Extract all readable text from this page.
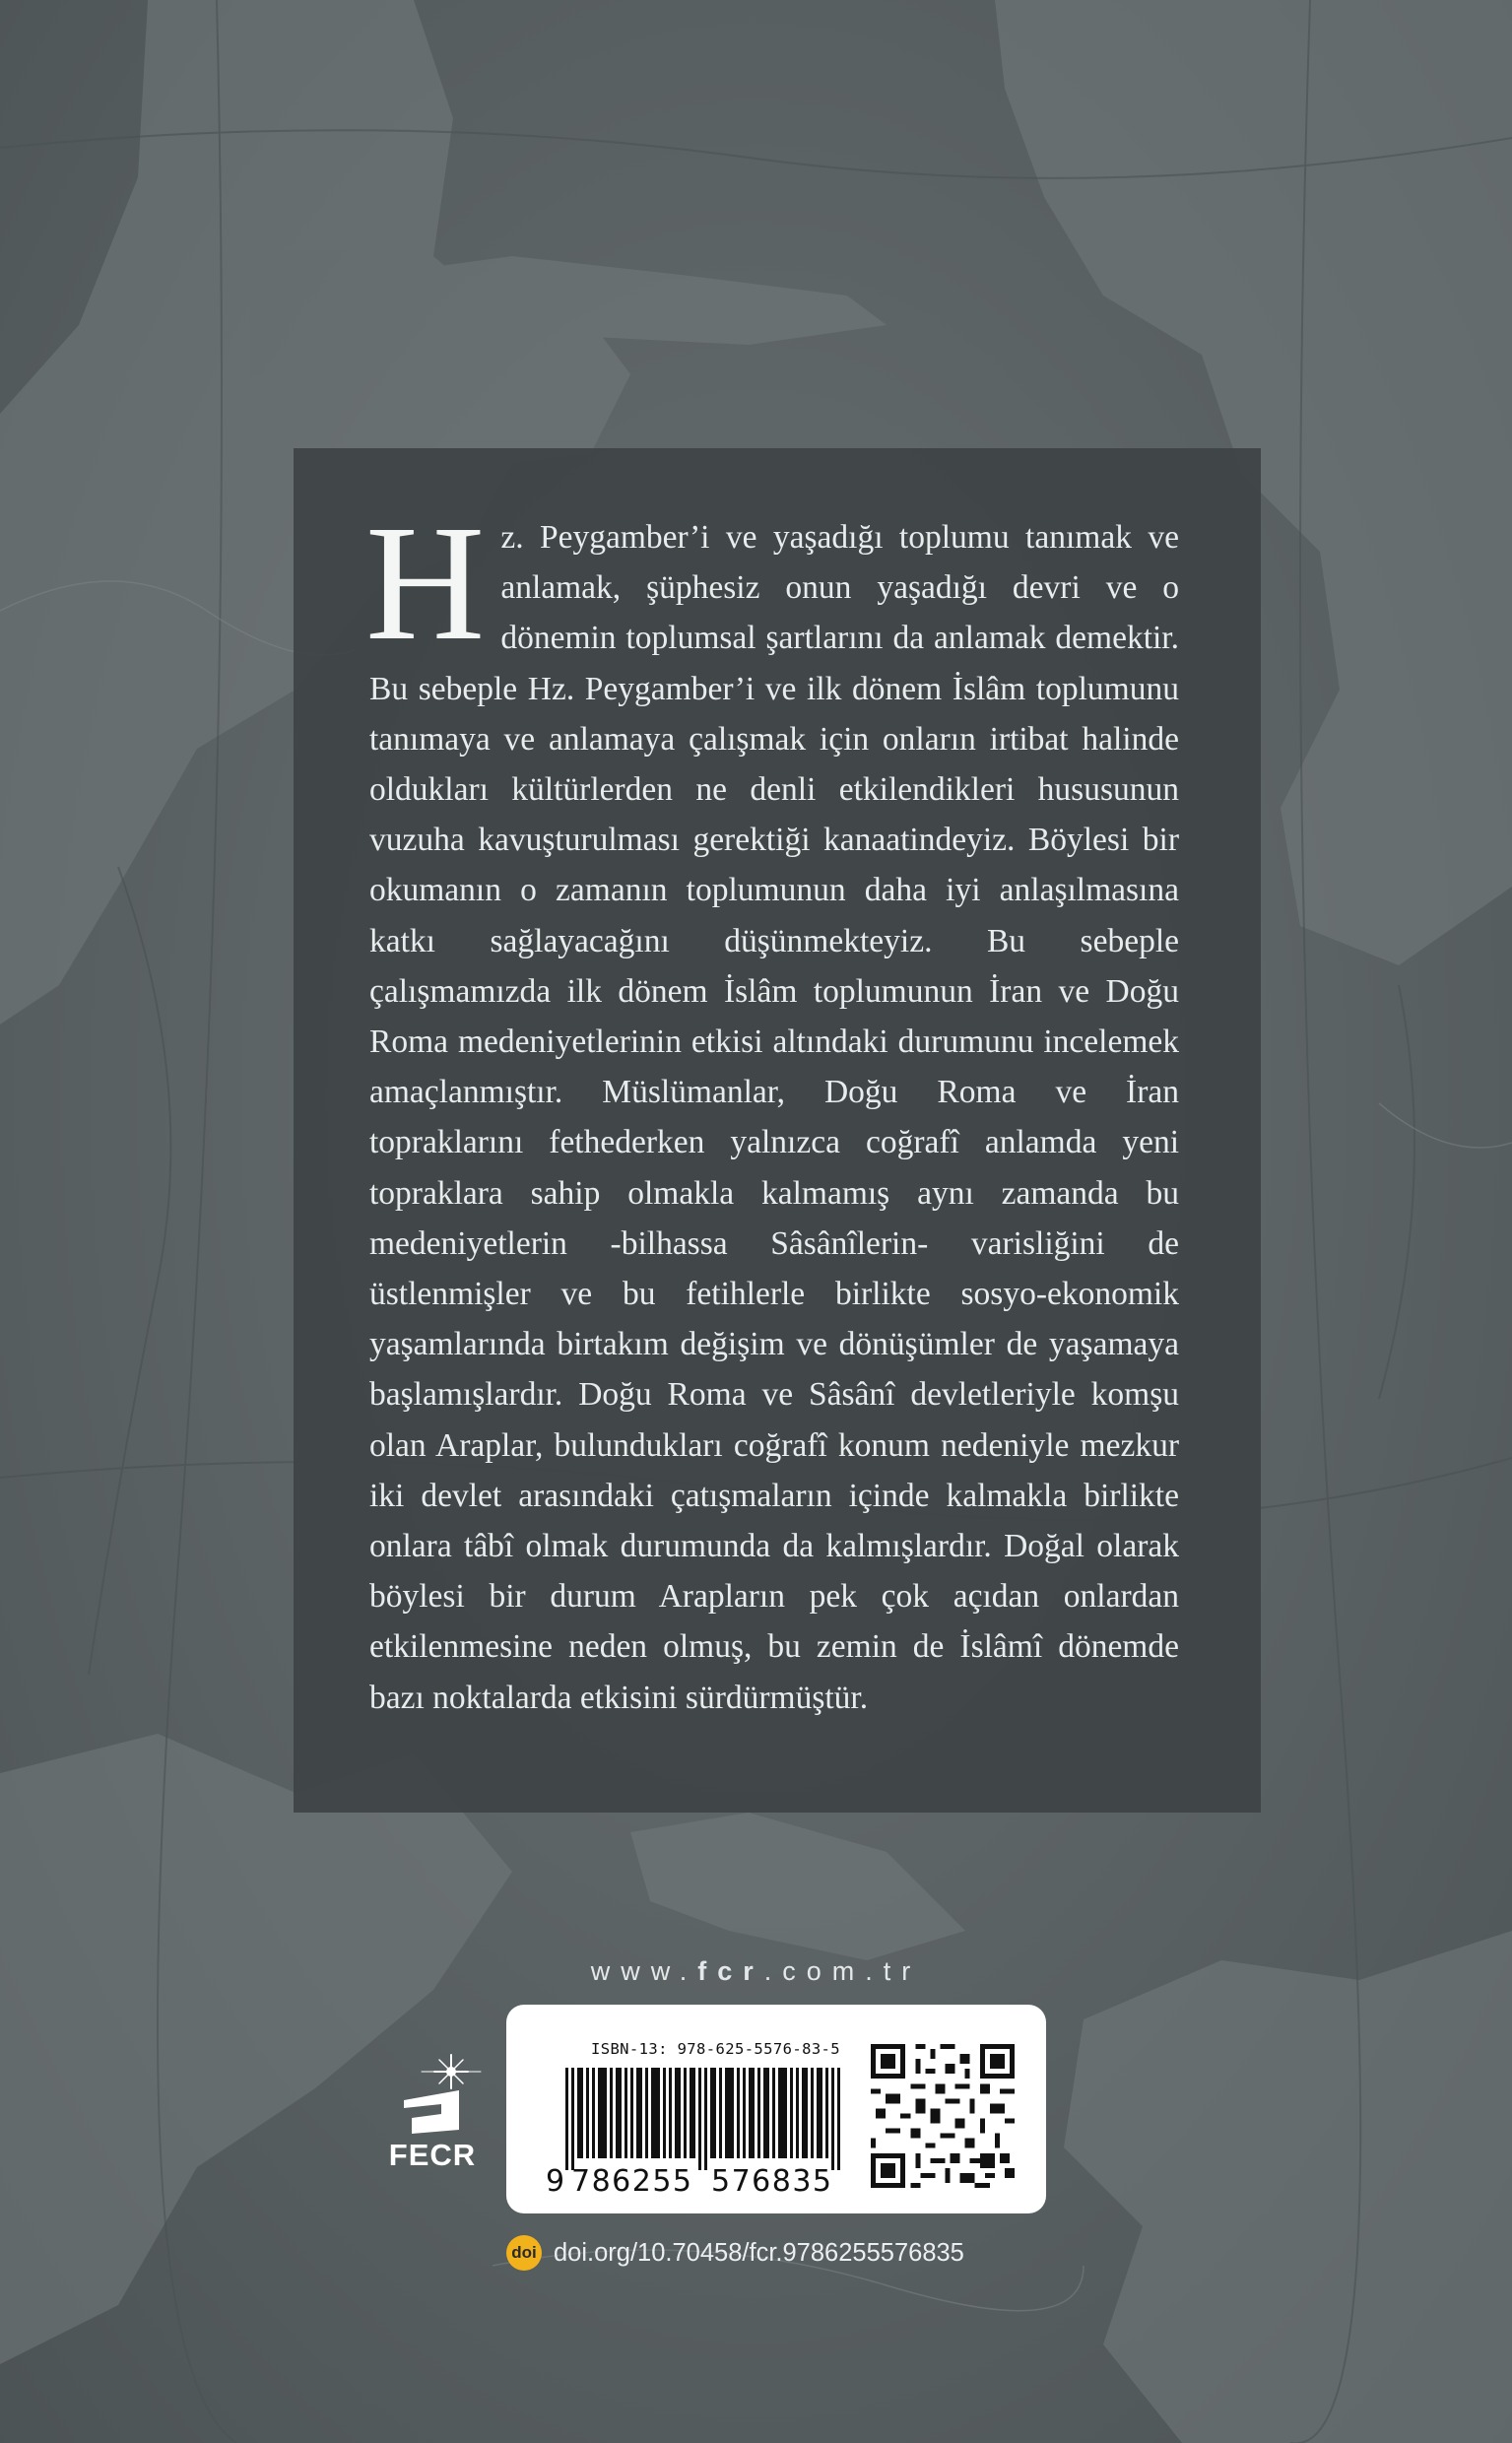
Hz. Peygamber’i ve yaşadığı toplumu tanımak ve anlamak, şüphesiz onun yaşadığı devri ve o dönemin toplumsal şartlarını da anlamak demektir. Bu sebeple Hz. Peygamber’i ve ilk dönem İslâm toplumunu tanımaya ve anlamaya çalışmak için onların irtibat halinde oldukları kültürlerden ne denli etkilendikleri hususunun vuzuha kavuşturulması gerektiği kanaatindeyiz. Böylesi bir okumanın o zamanın toplumunun daha iyi anlaşılmasına katkı sağlayacağını düşünmekteyiz. Bu sebeple çalışmamızda ilk dönem İslâm toplumunun İran ve Doğu Roma medeniyetlerinin etkisi altındaki durumunu incelemek amaçlanmıştır. Müslümanlar, Doğu Roma ve İran topraklarını fethederken yalnızca coğrafî anlamda yeni topraklara sahip olmakla kalmamış aynı zamanda bu medeniyetlerin -bilhassa Sâsânîlerin- varisliğini de üstlenmişler ve bu fetihlerle birlikte sosyo-ekonomik yaşamlarında birtakım değişim ve dönüşümler de yaşamaya başlamışlardır. Doğu Roma ve Sâsânî devletleriyle komşu olan Araplar, bulundukları coğrafî konum nedeniyle mezkur iki devlet arasındaki çatışmaların içinde kalmakla birlikte onlara tâbî olmak durumunda da kalmışlardır. Doğal olarak böylesi bir durum Arapların pek çok açıdan onlardan etkilenmesine neden olmuş, bu zemin de İslâmî dönemde bazı noktalarda etkisini sürdürmüştür.

www.fcr.com.tr
FECR
ISBN-13: 978-625-5576-83-5
9 786255 576835
doi doi.org/10.70458/fcr.9786255576835
